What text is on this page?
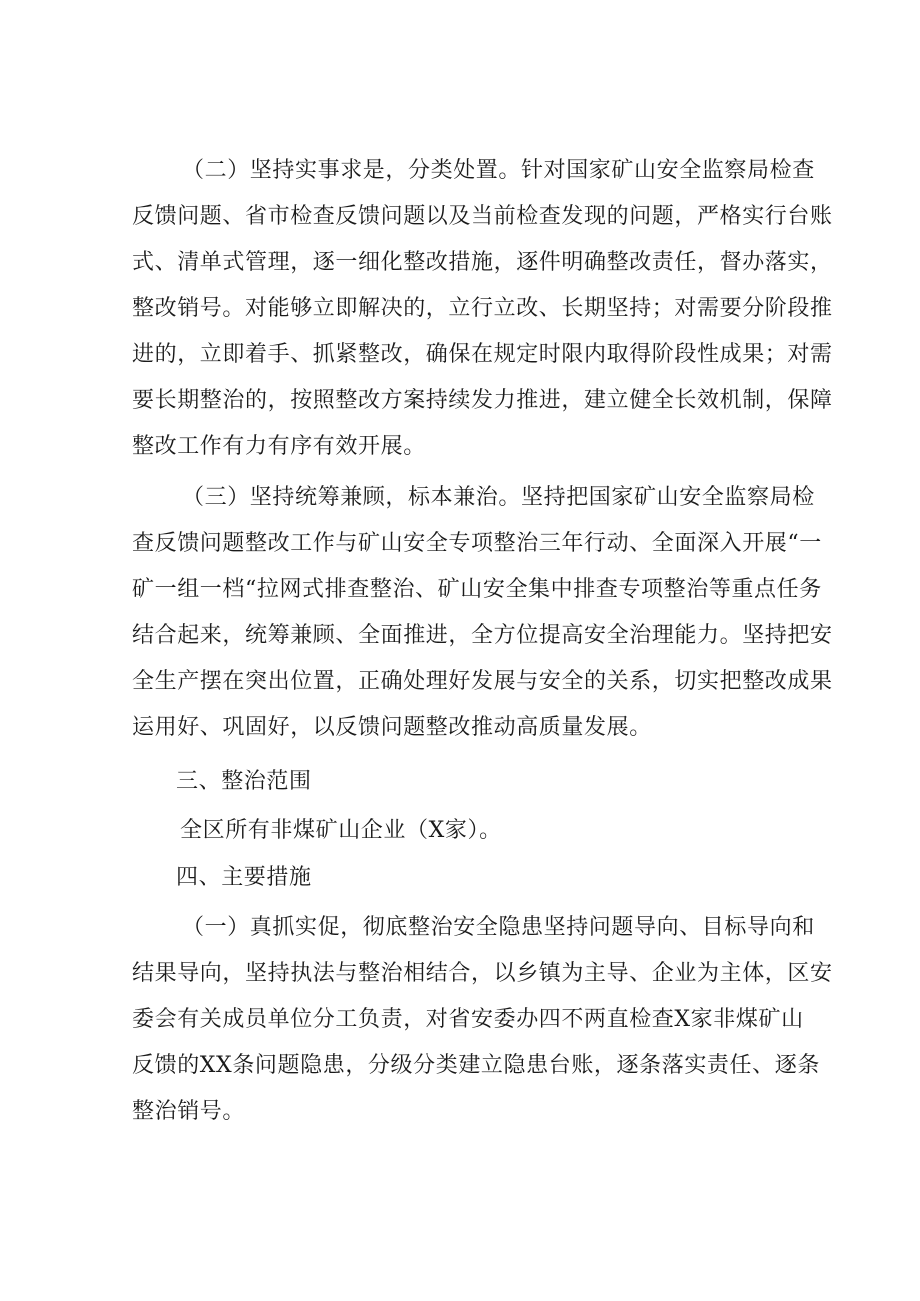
（二）坚持实事求是，分类处置。针对国家矿山安全监察局检查
反馈问题、省市检查反馈问题以及当前检查发现的问题，严格实行台账
式、清单式管理，逐一细化整改措施，逐件明确整改责任，督办落实，
整改销号。对能够立即解决的，立行立改、长期坚持；对需要分阶段推
进的，立即着手、抓紧整改，确保在规定时限内取得阶段性成果；对需
要长期整治的，按照整改方案持续发力推进，建立健全长效机制，保障
整改工作有力有序有效开展。
（三）坚持统筹兼顾，标本兼治。坚持把国家矿山安全监察局检
查反馈问题整改工作与矿山安全专项整治三年行动、全面深入开展“一
矿一组一档“拉网式排查整治、矿山安全集中排查专项整治等重点任务
结合起来，统筹兼顾、全面推进，全方位提高安全治理能力。坚持把安
全生产摆在突出位置，正确处理好发展与安全的关系，切实把整改成果
运用好、巩固好，以反馈问题整改推动高质量发展。
三、整治范围
全区所有非煤矿山企业（X家）。
四、主要措施
（一）真抓实促，彻底整治安全隐患坚持问题导向、目标导向和
结果导向，坚持执法与整治相结合，以乡镇为主导、企业为主体，区安
委会有关成员单位分工负责，对省安委办四不两直检查X家非煤矿山
反馈的XX条问题隐患，分级分类建立隐患台账，逐条落实责任、逐条
整治销号。
